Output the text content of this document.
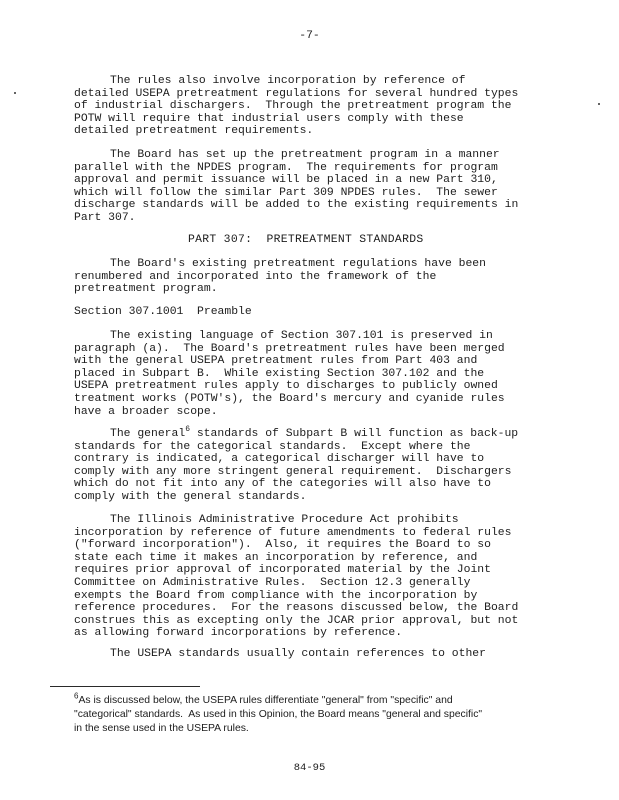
-7-
The rules also involve incorporation by reference of
detailed USEPA pretreatment regulations for several hundred types
of industrial dischargers.  Through the pretreatment program the
POTW will require that industrial users comply with these
detailed pretreatment requirements.
The Board has set up the pretreatment program in a manner
parallel with the NPDES program.  The requirements for program
approval and permit issuance will be placed in a new Part 310,
which will follow the similar Part 309 NPDES rules.  The sewer
discharge standards will be added to the existing requirements in
Part 307.
PART 307:  PRETREATMENT STANDARDS
The Board's existing pretreatment regulations have been
renumbered and incorporated into the framework of the
pretreatment program.
Section 307.1001  Preamble
The existing language of Section 307.101 is preserved in
paragraph (a).  The Board's pretreatment rules have been merged
with the general USEPA pretreatment rules from Part 403 and
placed in Subpart B.  While existing Section 307.102 and the
USEPA pretreatment rules apply to discharges to publicly owned
treatment works (POTW's), the Board's mercury and cyanide rules
have a broader scope.
The general$^6$ standards of Subpart B will function as back-up
standards for the categorical standards.  Except where the
contrary is indicated, a categorical discharger will have to
comply with any more stringent general requirement.  Dischargers
which do not fit into any of the categories will also have to
comply with the general standards.
The Illinois Administrative Procedure Act prohibits
incorporation by reference of future amendments to federal rules
("forward incorporation").  Also, it requires the Board to so
state each time it makes an incorporation by reference, and
requires prior approval of incorporated material by the Joint
Committee on Administrative Rules.  Section 12.3 generally
exempts the Board from compliance with the incorporation by
reference procedures.  For the reasons discussed below, the Board
construes this as excepting only the JCAR prior approval, but not
as allowing forward incorporations by reference.
The USEPA standards usually contain references to other
$^6$As is discussed below, the USEPA rules differentiate "general" from "specific" and
"categorical" standards.  As used in this Opinion, the Board means "general and specific"
in the sense used in the USEPA rules.
84-95
